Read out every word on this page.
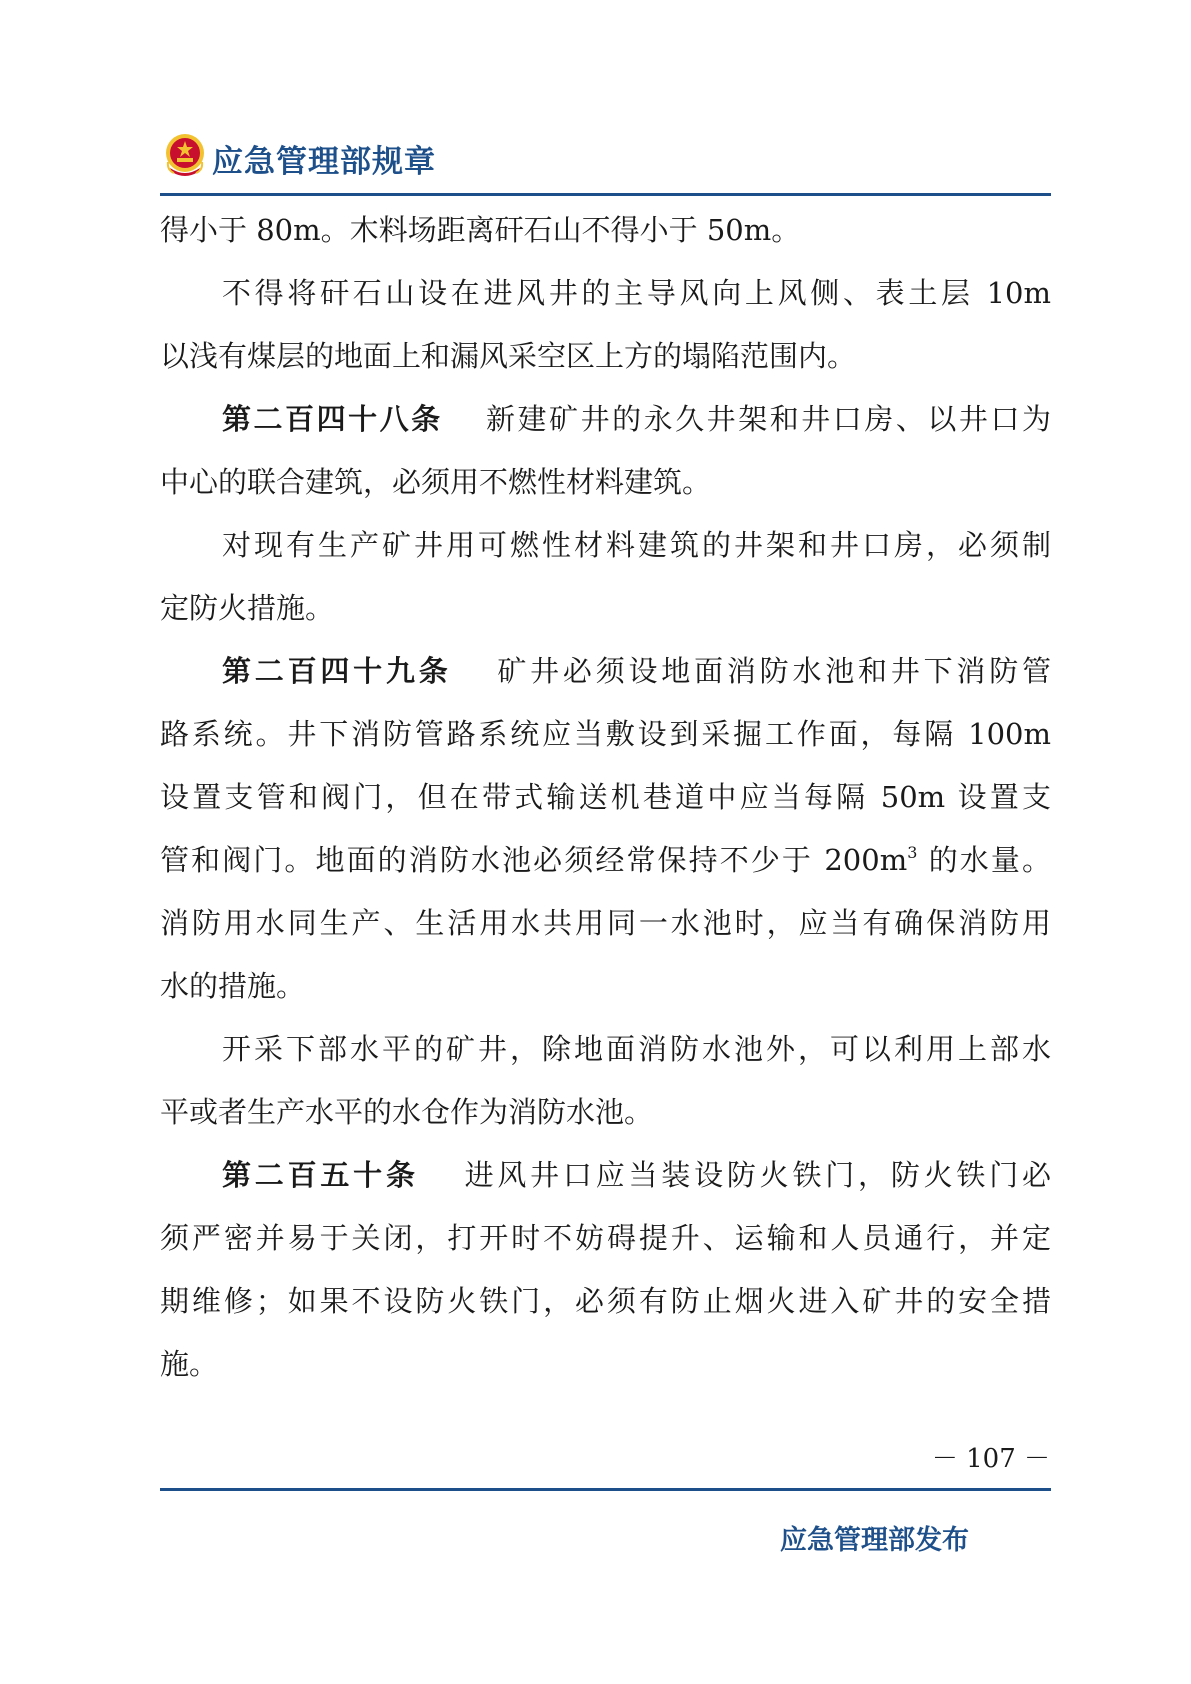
应急管理部规章
得小于 80m。木料场距离矸石山不得小于 50m。
不得将矸石山设在进风井的主导风向上风侧、表土层 10m
以浅有煤层的地面上和漏风采空区上方的塌陷范围内。
第二百四十八条　 新建矿井的永久井架和井口房、以井口为
中心的联合建筑，必须用不燃性材料建筑。
对现有生产矿井用可燃性材料建筑的井架和井口房，必须制
定防火措施。
第二百四十九条　 矿井必须设地面消防水池和井下消防管
路系统。井下消防管路系统应当敷设到采掘工作面，每隔 100m
设置支管和阀门，但在带式输送机巷道中应当每隔 50m 设置支
管和阀门。地面的消防水池必须经常保持不少于 $200m^3$ 的水量。
消防用水同生产、生活用水共用同一水池时，应当有确保消防用
水的措施。
开采下部水平的矿井，除地面消防水池外，可以利用上部水
平或者生产水平的水仓作为消防水池。
第二百五十条　 进风井口应当装设防火铁门，防火铁门必
须严密并易于关闭，打开时不妨碍提升、运输和人员通行，并定
期维修；如果不设防火铁门，必须有防止烟火进入矿井的安全措
施。
－ 107 －
应急管理部发布
